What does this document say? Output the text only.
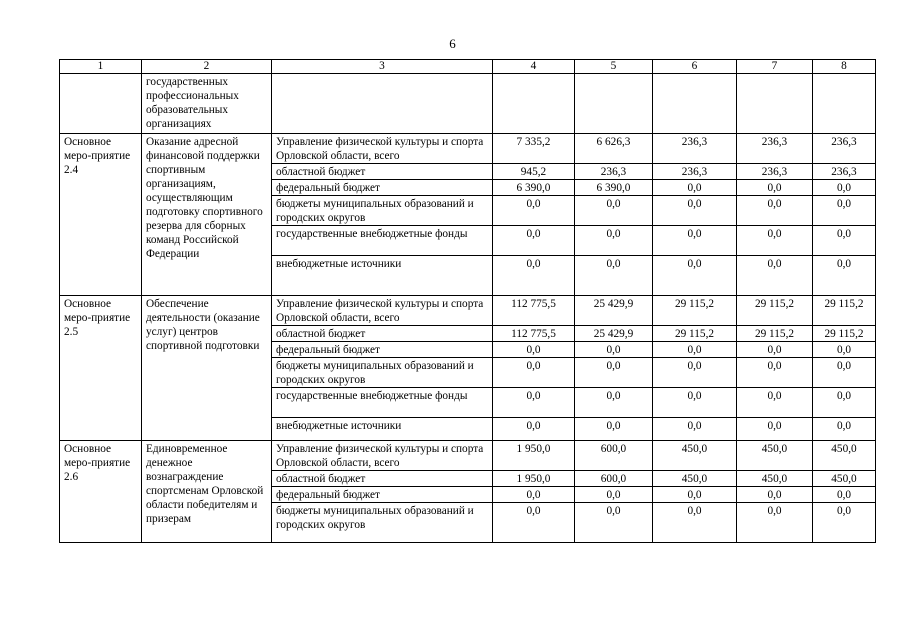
6
1	2	3	4	5	6	7	8
	государственных профессиональных образовательных организациях						
Основное меро-приятие 2.4	Оказание адресной финансовой поддержки спортивным организациям, осуществляющим подготовку спортивного резерва для сборных команд Российской Федерации	Управление физической культуры и спорта Орловской области, всего	7 335,2	6 626,3	236,3	236,3	236,3
		областной бюджет	945,2	236,3	236,3	236,3	236,3
		федеральный бюджет	6 390,0	6 390,0	0,0	0,0	0,0
		бюджеты муниципальных образований и городских округов	0,0	0,0	0,0	0,0	0,0
		государственные внебюджетные фонды	0,0	0,0	0,0	0,0	0,0
		внебюджетные источники	0,0	0,0	0,0	0,0	0,0
Основное меро-приятие 2.5	Обеспечение деятельности (оказание услуг) центров спортивной подготовки	Управление физической культуры и спорта Орловской области, всего	112 775,5	25 429,9	29 115,2	29 115,2	29 115,2
		областной бюджет	112 775,5	25 429,9	29 115,2	29 115,2	29 115,2
		федеральный бюджет	0,0	0,0	0,0	0,0	0,0
		бюджеты муниципальных образований и городских округов	0,0	0,0	0,0	0,0	0,0
		государственные внебюджетные фонды	0,0	0,0	0,0	0,0	0,0
		внебюджетные источники	0,0	0,0	0,0	0,0	0,0
Основное меро-приятие 2.6	Единовременное денежное вознаграждение спортсменам Орловской области победителям и призерам	Управление физической культуры и спорта Орловской области, всего	1 950,0	600,0	450,0	450,0	450,0
		областной бюджет	1 950,0	600,0	450,0	450,0	450,0
		федеральный бюджет	0,0	0,0	0,0	0,0	0,0
		бюджеты муниципальных образований и городских округов	0,0	0,0	0,0	0,0	0,0
